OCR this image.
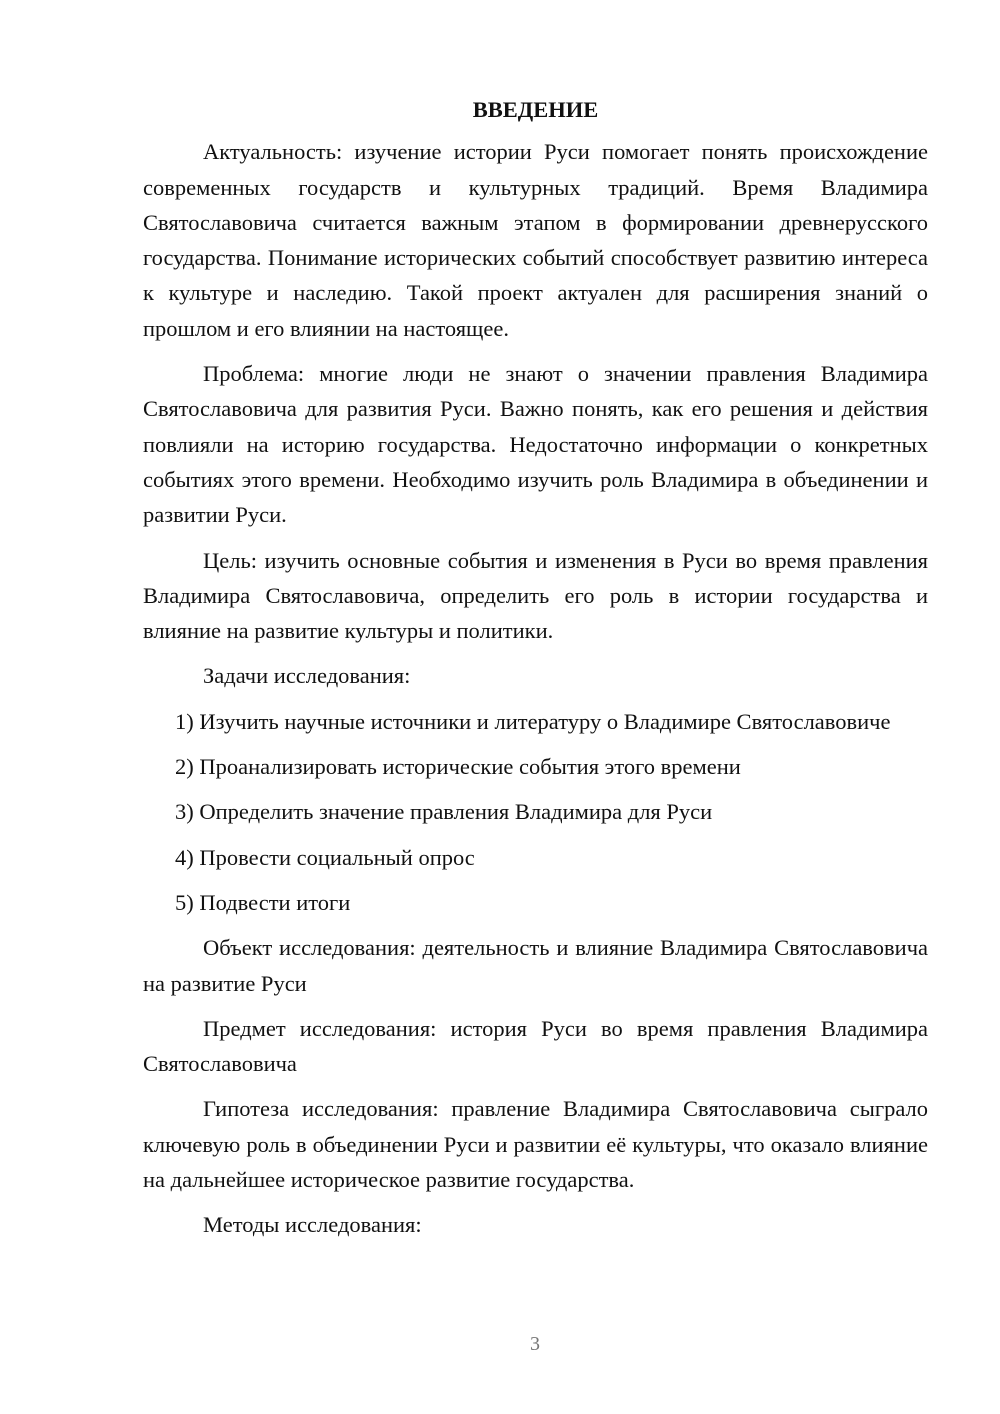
ВВЕДЕНИЕ

Актуальность: изучение истории Руси помогает понять происхождение современных государств и культурных традиций. Время Владимира Святославовича считается важным этапом в формировании древнерусского государства. Понимание исторических событий способствует развитию интереса к культуре и наследию. Такой проект актуален для расширения знаний о прошлом и его влиянии на настоящее.

Проблема: многие люди не знают о значении правления Владимира Святославовича для развития Руси. Важно понять, как его решения и действия повлияли на историю государства. Недостаточно информации о конкретных событиях этого времени. Необходимо изучить роль Владимира в объединении и развитии Руси.

Цель: изучить основные события и изменения в Руси во время правления Владимира Святославовича, определить его роль в истории государства и влияние на развитие культуры и политики.

Задачи исследования:

1) Изучить научные источники и литературу о Владимире Святославовиче

2) Проанализировать исторические события этого времени

3) Определить значение правления Владимира для Руси

4) Провести социальный опрос

5) Подвести итоги

Объект исследования: деятельность и влияние Владимира Святославовича на развитие Руси

Предмет исследования: история Руси во время правления Владимира Святославовича

Гипотеза исследования: правление Владимира Святославовича сыграло ключевую роль в объединении Руси и развитии её культуры, что оказало влияние на дальнейшее историческое развитие государства.

Методы исследования:

3
